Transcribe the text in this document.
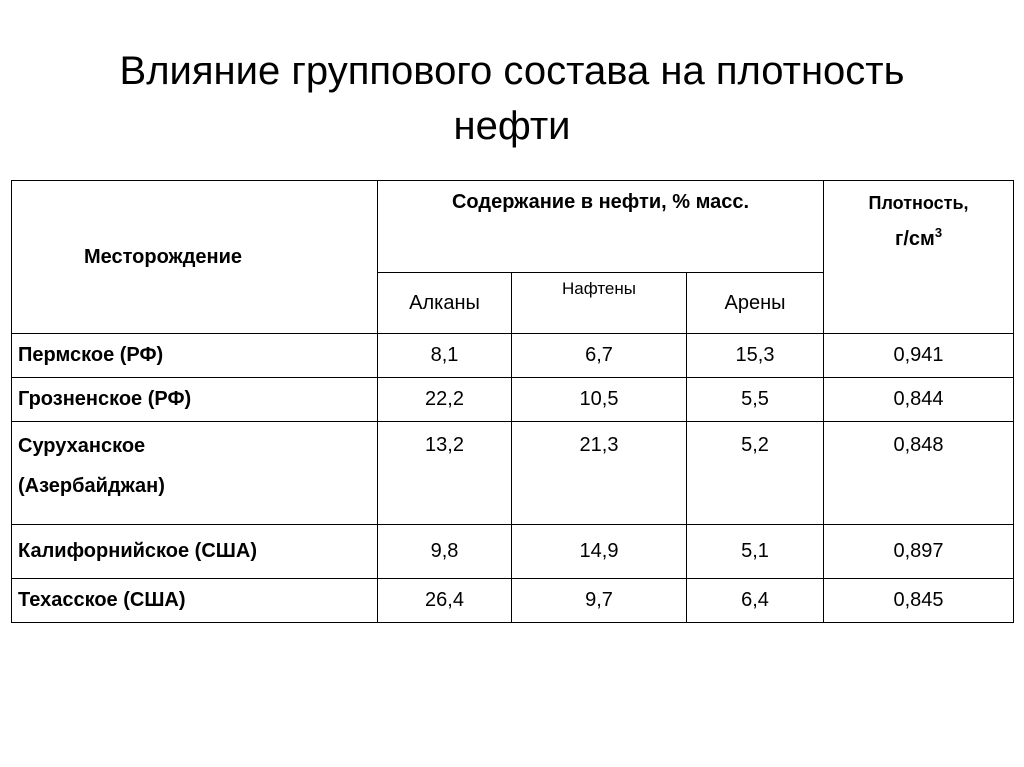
Влияние группового состава на плотность
нефти
Месторождение	Содержание в нефти, % масс.			Плотность,
$г/см^3$

	Алканы	Нафтены	Арены	
Пермское (РФ)	8,1	6,7	15,3	0,941
Грозненское (РФ)	22,2	10,5	5,5	0,844

Суруханское
(Азербайджан)	13,2	21,3	5,2	0,848
Калифорнийское (США)	9,8	14,9	5,1	0,897
Техасское (США)	26,4	9,7	6,4	0,845
